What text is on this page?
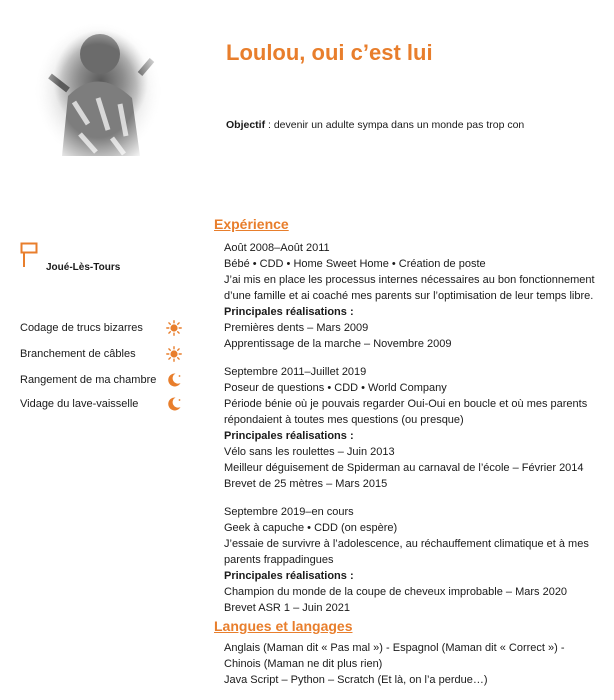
Loulou, oui c’est lui
Objectif : devenir un adulte sympa dans un monde pas trop con
Joué-Lès-Tours
Codage de trucs bizarres
Branchement de câbles
Rangement de ma chambre
Vidage du lave-vaisselle
Expérience

Août 2008–Août 2011

Bébé • CDD • Home Sweet Home • Création de poste

J’ai mis en place les processus internes nécessaires au bon fonctionnement d’une famille et ai coaché mes parents sur l’optimisation de leur temps libre.

Principales réalisations :

Premières dents – Mars 2009

Apprentissage de la marche – Novembre 2009

Septembre 2011–Juillet 2019

Poseur de questions • CDD • World Company

Période bénie où je pouvais regarder Oui-Oui en boucle et où mes parents répondaient à toutes mes questions (ou presque)

Principales réalisations :

Vélo sans les roulettes – Juin 2013

Meilleur déguisement de Spiderman au carnaval de l’école – Février 2014

Brevet de 25 mètres – Mars 2015

Septembre 2019–en cours

Geek à capuche • CDD (on espère)

J’essaie de survivre à l’adolescence, au réchauffement climatique et à mes parents frappadingues

Principales réalisations :

Champion du monde de la coupe de cheveux improbable – Mars 2020

Brevet ASR 1 – Juin 2021

Langues et langages

Anglais (Maman dit « Pas mal ») - Espagnol (Maman dit « Correct ») - Chinois (Maman ne dit plus rien)

Java Script – Python – Scratch (Et là, on l’a perdue…)
